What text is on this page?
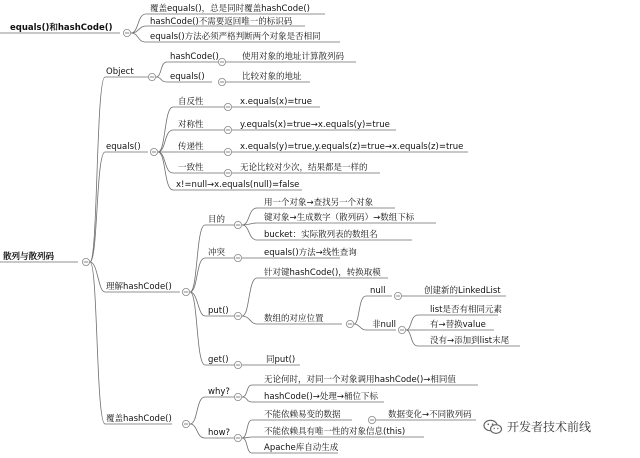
散列与散列码
equals()和hashCode()
覆盖equals()，总是同时覆盖hashCode()
hashCode()不需要返回唯一的标识码
equals()方法必须严格判断两个对象是否相同
Object
hashCode()	使用对象的地址计算散列码
equals()	比较对象的地址
equals()
自反性	x.equals(x)=true
对称性	y.equals(x)=true→x.equals(y)=true
传递性	x.equals(y)=true,y.equals(z)=true→x.equals(z)=true
一致性	无论比较对少次，结果都是一样的
x!=null→x.equals(null)=false
理解hashCode()
目的
用一个对象→查找另一个对象
键对象→生成数字（散列码）→数组下标
bucket：实际散列表的数组名
冲突	equals()方法→线性查询
put()
针对键hashCode()，转换取模
数组的对应位置
null	创建新的LinkedList
非null
list是否有相同元素
有→替换value
没有→添加到list末尾
get()	同put()
覆盖hashCode()
why?
无论何时，对同一个对象调用hashCode()→相同值
hashCode()→处理→桶位下标
how?
不能依赖易变的数据	数据变化→不同散列码
不能依赖具有唯一性的对象信息(this)
Apache库自动生成
开发者技术前线
